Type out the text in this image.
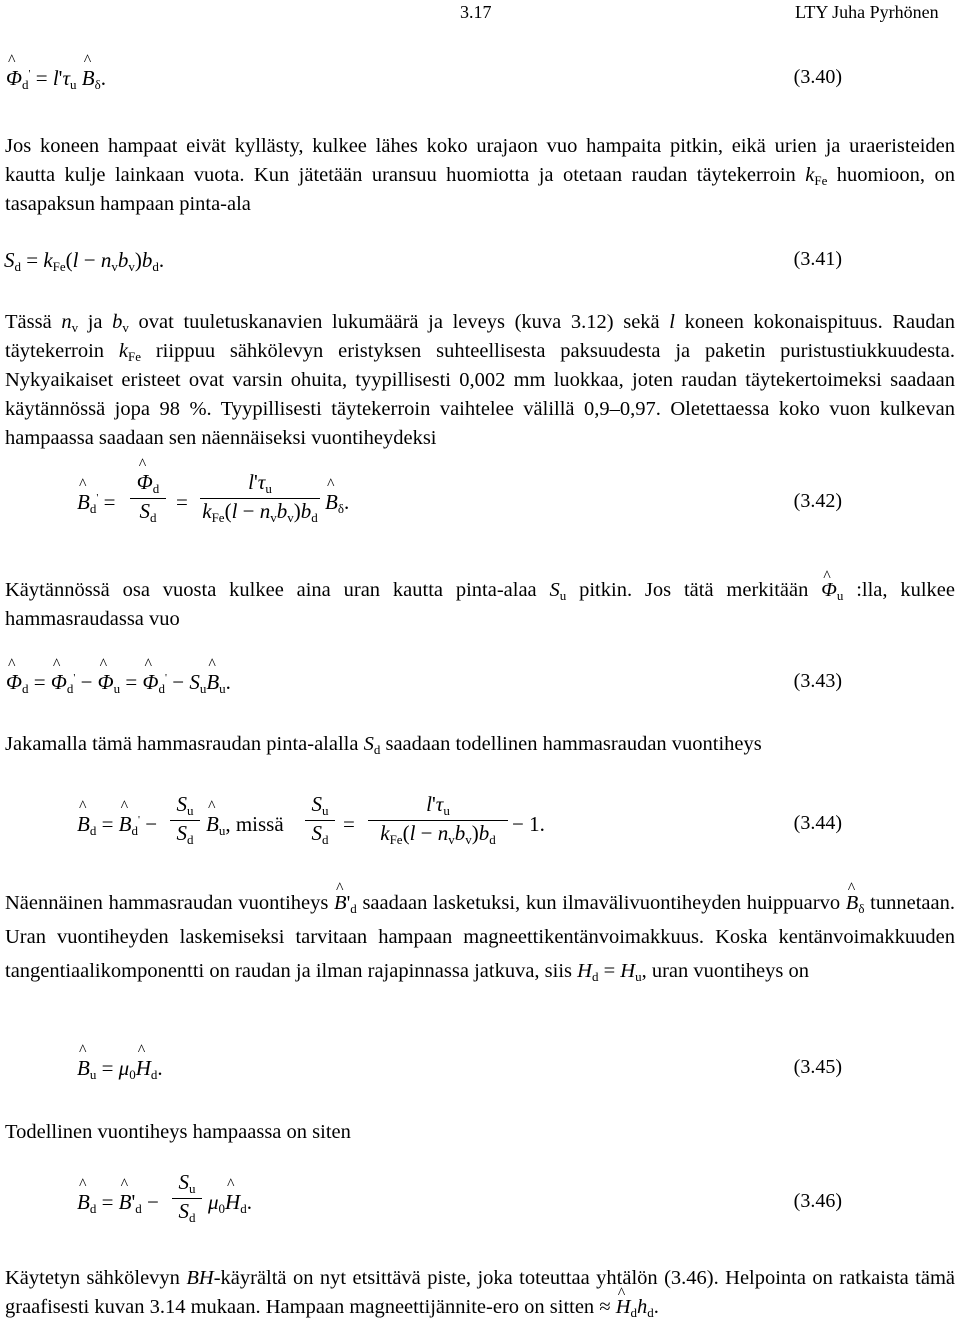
3.17	LTY Juha Pyrhönen
^ $\Phi_d' = l'\tau_u$ ^ $B_\delta$.	(3.40)
Jos koneen hampaat eivät kyllästy, kulkee lähes koko urajaon vuo hampaita pitkin, eikä urien ja uraeristeiden kautta kulje lainkaan vuota. Kun jätetään uransuu huomiotta ja otetaan raudan täytekerroin $k_{Fe}$ huomioon, on tasapaksun hampaan pinta-ala
$S_d = k_{Fe}(l - n_vb_v)b_d$.	(3.41)
Tässä $n_v$ ja $b_v$ ovat tuuletuskanavien lukumäärä ja leveys (kuva 3.12) sekä l koneen kokonaispituus. Raudan täytekerroin $k_{Fe}$ riippuu sähkölevyn eristyksen suhteellisesta paksuudesta ja paketin puristustiukkuudesta. Nykyaikaiset eristeet ovat varsin ohuita, tyypillisesti 0,002 mm luokkaa, joten raudan täytekertoimeksi saadaan käytännössä jopa 98 %. Tyypillisesti täytekerroin vaihtelee välillä 0,9–0,97. Oletettaessa koko vuon kulkevan hampaassa saadaan sen näennäiseksi vuontiheydeksi
^ $B_d'$ =
^ $\Phi_d$
$S_d$
=
$l'\tau_u$
$k_{Fe}(l - n_vb_v)b_d$
^ $B_\delta$.	(3.42)
Käytännössä osa vuosta kulkee aina uran kautta pinta-alaa $S_u$ pitkin. Jos tätä merkitään ^ $\Phi_u$ :lla, kulkee hammasraudassa vuo
^ $\Phi_d$ = ^ $\Phi_d'$ − ^ $\Phi_u$ = ^ $\Phi_d'$ − $S_u\^{}$ $B_u$.	(3.43)
Jakamalla tämä hammasraudan pinta-alalla $S_d$ saadaan todellinen hammasraudan vuontiheys
^ $B_d$ = ^ $B_d'$ −
$S_u$
$S_d$
^ $B_u$, missä
$S_u$
$S_d$
=
$l'\tau_u$
$k_{Fe}(l - n_vb_v)b_d$
− 1.	(3.44)
Näennäinen hammasraudan vuontiheys ^ $B'_d$ saadaan lasketuksi, kun ilmavälivuontiheyden huippuarvo ^ $B_\delta$ tunnetaan. Uran vuontiheyden laskemiseksi tarvitaan hampaan magneettikentänvoimakkuus. Koska kentänvoimakkuuden tangentiaalikomponentti on raudan ja ilman rajapinnassa jatkuva, siis $H_d = H_u$, uran vuontiheys on
^ $B_u$ = $\mu_0\^{}$ $H_d$.	(3.45)
Todellinen vuontiheys hampaassa on siten
^ $B_d$ = ^ $B'_d$ −
$S_u$
$S_d$
$\mu_0\^{}$ $H_d$.	(3.46)
Käytetyn sähkölevyn BH-käyrältä on nyt etsittävä piste, joka toteuttaa yhtälön (3.46). Helpointa on ratkaista tämä graafisesti kuvan 3.14 mukaan. Hampaan magneettijännite-ero on sitten ≈ ^ $H_dh_d$.
